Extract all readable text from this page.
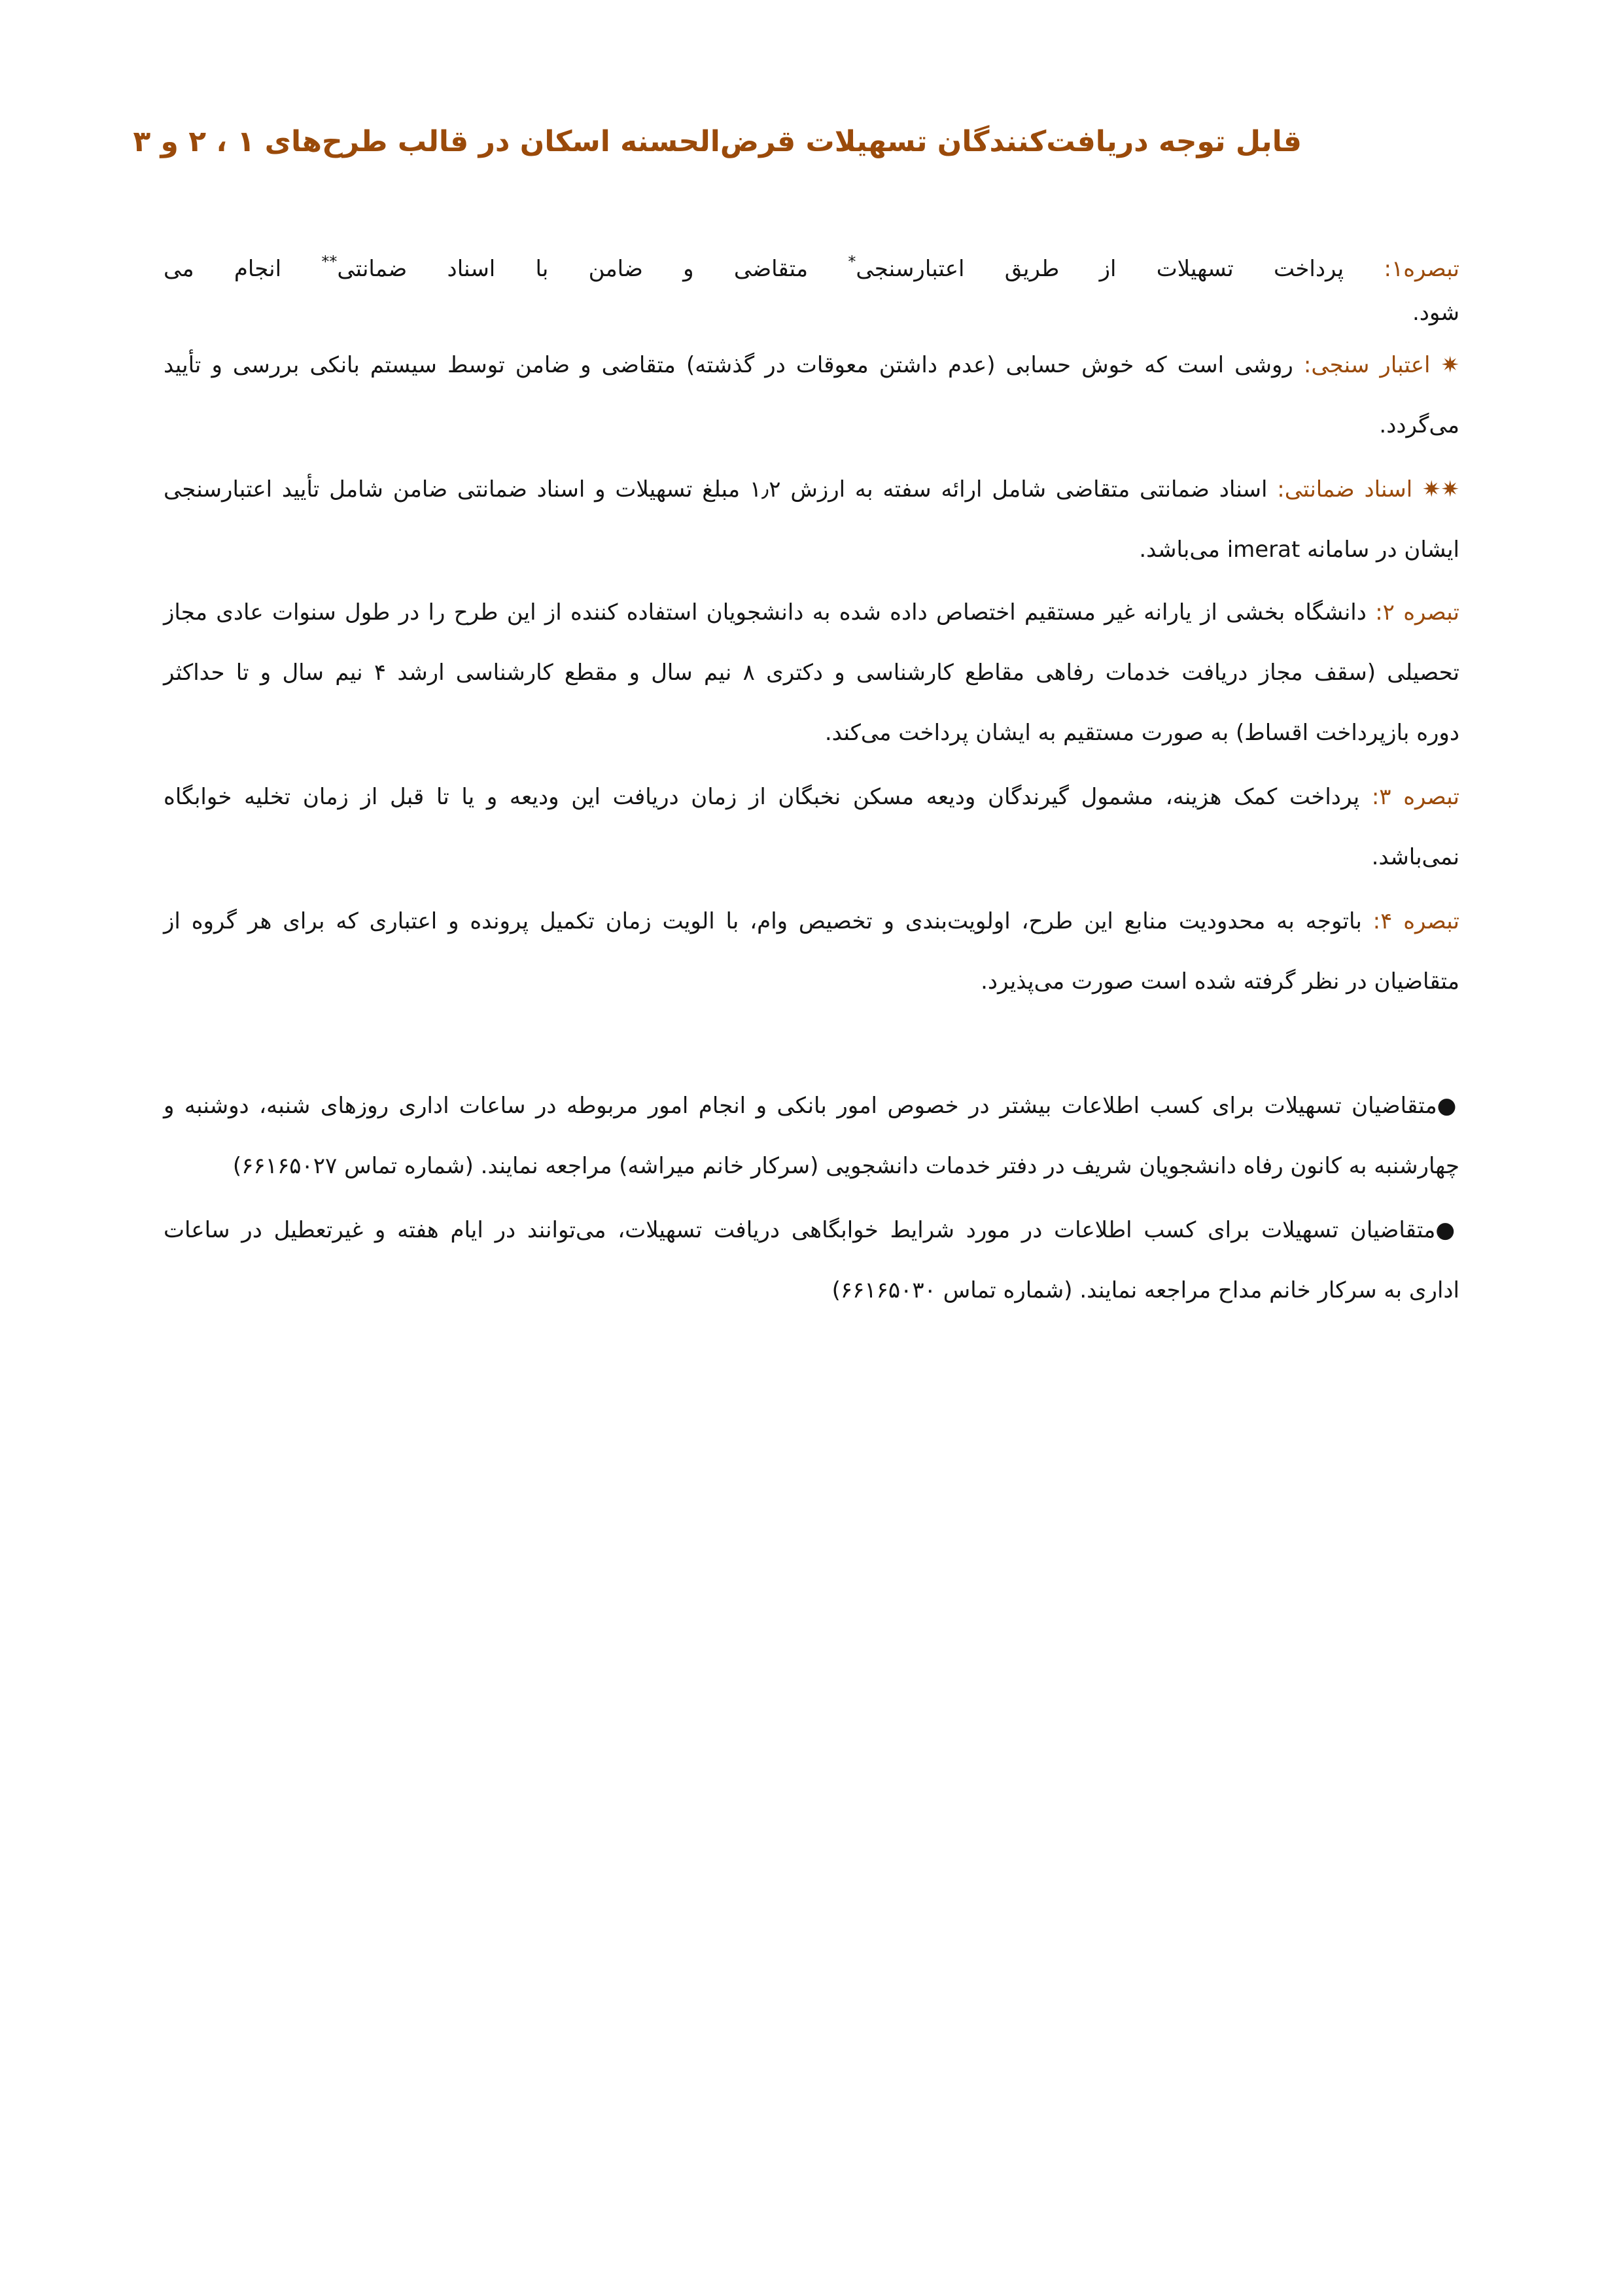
قابل توجه دریافت‌کنندگان تسهیلات قرض‌الحسنه اسکان در قالب طرح‌های ۱ ، ۲ و ۳
تبصره۱: پرداخت تسهیلات از طریق اعتبارسنجی* متقاضی و ضامن با اسناد ضمانتی** انجام می
شود.
✷ اعتبار سنجی: روشی است که خوش حسابی (عدم داشتن معوقات در گذشته) متقاضی و ضامن توسط سیستم بانکی بررسی و تأیید
می‌گردد.
✷✷ اسناد ضمانتی: اسناد ضمانتی متقاضی شامل ارائه سفته به ارزش ۱٫۲ مبلغ تسهیلات و اسناد ضمانتی ضامن شامل تأیید اعتبارسنجی
ایشان در سامانه imerat می‌باشد.
تبصره ۲: دانشگاه بخشی از یارانه غیر مستقیم اختصاص داده شده به دانشجویان استفاده کننده از این طرح را در طول سنوات عادی مجاز
تحصیلی (سقف مجاز دریافت خدمات رفاهی مقاطع کارشناسی و دکتری ۸ نیم سال و مقطع کارشناسی ارشد ۴ نیم سال و تا حداکثر
دوره بازپرداخت اقساط) به صورت مستقیم به ایشان پرداخت می‌کند.
تبصره ۳: پرداخت کمک هزینه، مشمول گیرندگان ودیعه مسکن نخبگان از زمان دریافت این ودیعه و یا تا قبل از زمان تخلیه خوابگاه
نمی‌باشد.
تبصره ۴: باتوجه به محدودیت منابع این طرح، اولویت‌بندی و تخصیص وام، با الویت زمان تکمیل پرونده و اعتباری که برای هر گروه از
متقاضیان در نظر گرفته شده است صورت می‌پذیرد.
●متقاضیان تسهیلات برای کسب اطلاعات بیشتر در خصوص امور بانکی و انجام امور مربوطه در ساعات اداری روزهای شنبه، دوشنبه و
چهارشنبه به کانون رفاه دانشجویان شریف در دفتر خدمات دانشجویی (سرکار خانم میراشه) مراجعه نمایند. (شماره تماس ۶۶۱۶۵۰۲۷)
●متقاضیان تسهیلات برای کسب اطلاعات در مورد شرایط خوابگاهی دریافت تسهیلات، می‌توانند در ایام هفته و غیرتعطیل در ساعات
اداری به سرکار خانم مداح مراجعه نمایند. (شماره تماس ۶۶۱۶۵۰۳۰)
